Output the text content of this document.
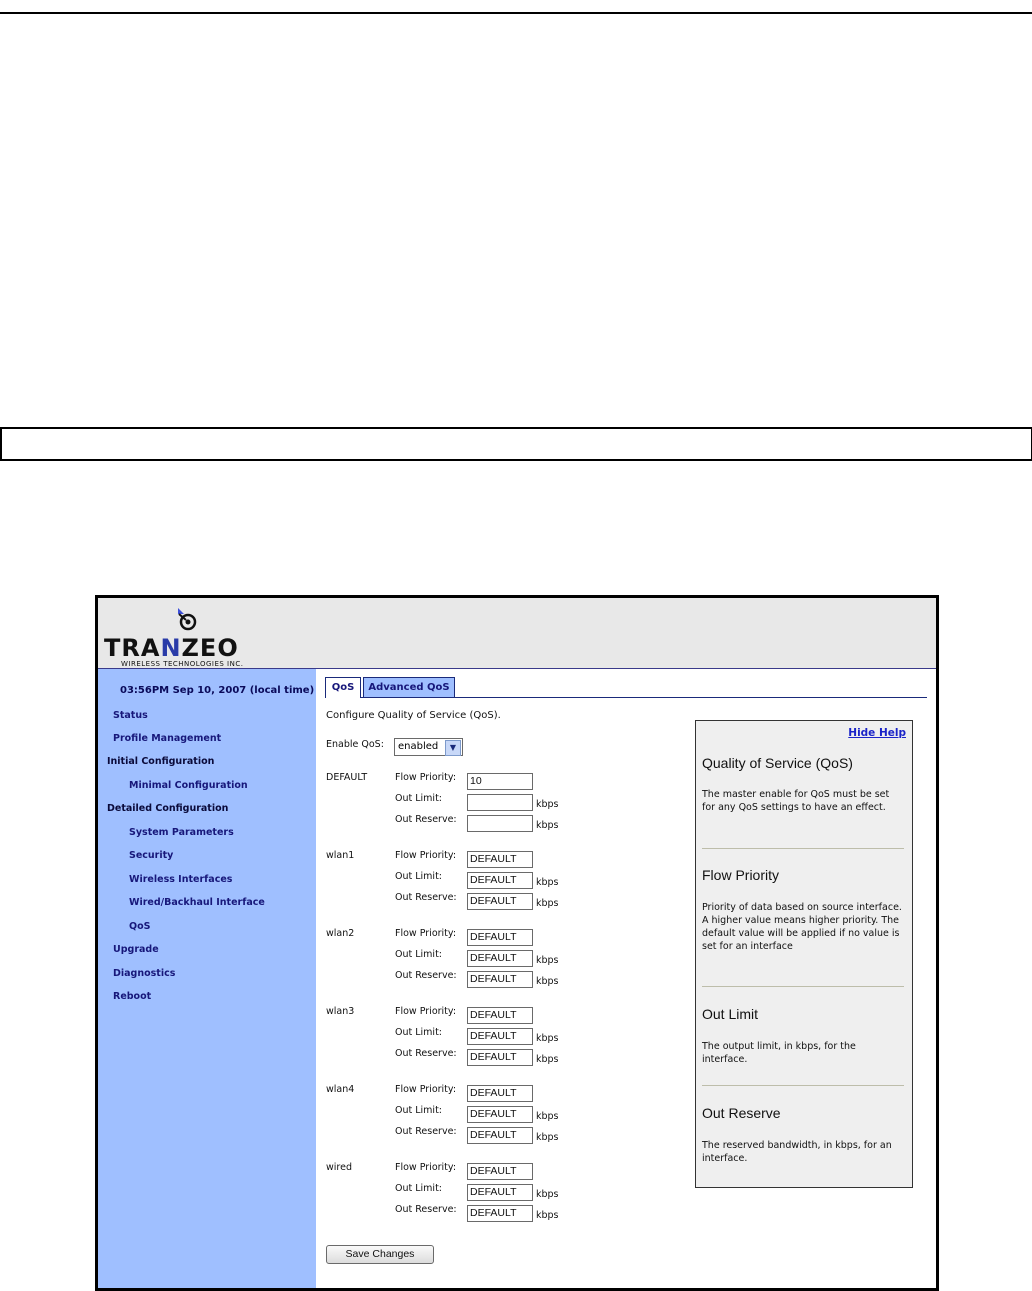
TRANZEO
WIRELESS TECHNOLOGIES INC.
03:56PM Sep 10, 2007 (local time)
Status
Profile Management
Initial Configuration
Minimal Configuration
Detailed Configuration
System Parameters
Security
Wireless Interfaces
Wired/Backhaul Interface
QoS
Upgrade
Diagnostics
Reboot
QoS	Advanced QoS
Configure Quality of Service (QoS).
Enable QoS:	enabled	▼
DEFAULT	Flow Priority: 10
Out Limit:
kbps
Out Reserve:
kbps
wlan1	Flow Priority: DEFAULT
Out Limit:	DEFAULT	kbps
Out Reserve: DEFAULT	kbps
wlan2	Flow Priority: DEFAULT
Out Limit:	DEFAULT	kbps
Out Reserve: DEFAULT	kbps
wlan3	Flow Priority: DEFAULT
Out Limit:	DEFAULT	kbps
Out Reserve: DEFAULT	kbps
wlan4	Flow Priority: DEFAULT
Out Limit:	DEFAULT	kbps
Out Reserve: DEFAULT	kbps
wired	Flow Priority: DEFAULT
Out Limit:	DEFAULT	kbps
Out Reserve: DEFAULT	kbps
Save Changes
Hide Help
Quality of Service (QoS)
The master enable for QoS must be set for any QoS settings to have an effect.
Flow Priority
Priority of data based on source interface. A higher value means higher priority. The default value will be applied if no value is set for an interface
Out Limit
The output limit, in kbps, for the interface.
Out Reserve
The reserved bandwidth, in kbps, for an interface.
